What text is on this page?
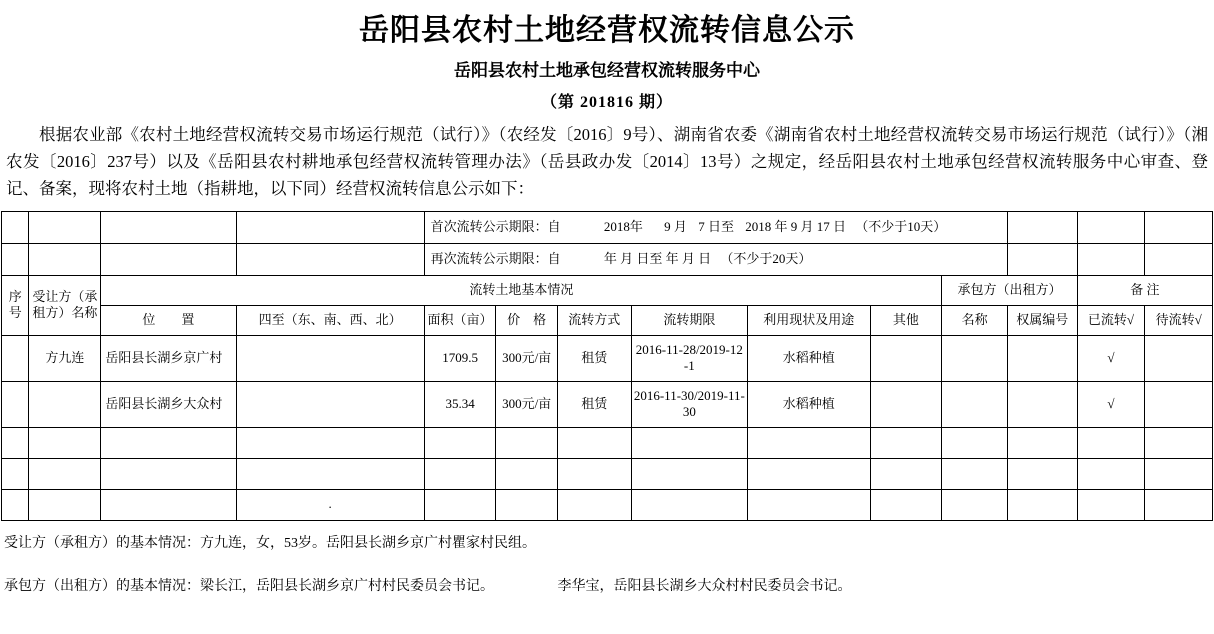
岳阳县农村土地经营权流转信息公示
岳阳县农村土地承包经营权流转服务中心
（第 201816 期）
根据农业部《农村土地经营权流转交易市场运行规范（试行）》（农经发〔2016〕9号）、湖南省农委《湖南省农村土地经营权流转交易市场运行规范（试行）》（湘农发〔2016〕237号）以及《岳阳县农村耕地承包经营权流转管理办法》（岳县政办发〔2014〕13号）之规定，经岳阳县农村土地承包经营权流转服务中心审查、登记、备案，现将农村土地（指耕地，以下同）经营权流转信息公示如下：
				首次流转公示期限：自 2018年 9 月 7 日至 2018 年 9 月 17 日 （不少于10天）									
				再次流转公示期限：自 年 月 日至 年 月 日 （不少于20天）									
序号	受让方（承租方）名称	流转土地基本情况								承包方（出租方）		备 注	
		位　　置	四至（东、南、西、北）	面积（亩）	价　格	流转方式	流转期限	利用现状及用途	其他	名称	权属编号	已流转√	待流转√
	方九连	岳阳县长湖乡京广村		1709.5	300元/亩	租赁	2016-11-28/2019-12-1	水稻种植				√	
		岳阳县长湖乡大众村		35.34	300元/亩	租赁	2016-11-30/2019-11-30	水稻种植				√	

			.										
受让方（承租方）的基本情况：方九连，女，53岁。岳阳县长湖乡京广村瞿家村民组。
承包方（出租方）的基本情况：梁长江，岳阳县长湖乡京广村村民委员会书记。	李华宝，岳阳县长湖乡大众村村民委员会书记。
